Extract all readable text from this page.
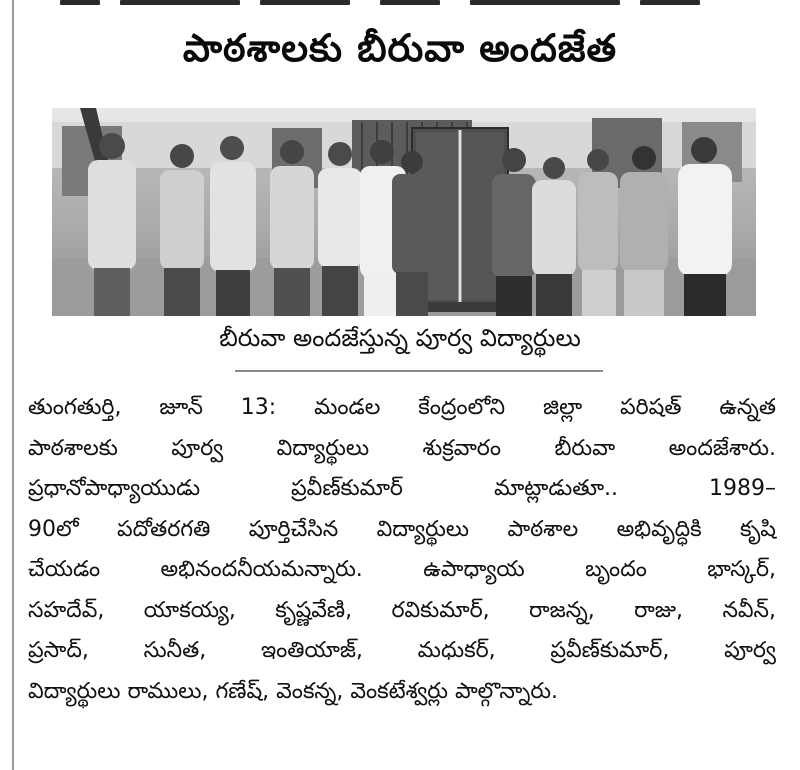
పాఠశాలకు బీరువా అందజేత
బీరువా అందజేస్తున్న పూర్వ విద్యార్థులు
తుంగతుర్తి, జూన్ 13: మండల కేంద్రంలోని జిల్లా పరిషత్ ఉన్నత
పాఠశాలకు పూర్వ విద్యార్థులు శుక్రవారం బీరువా అందజేశారు.
ప్రధానోపాధ్యాయుడు ప్రవీణ్‌కుమార్ మాట్లాడుతూ.. 1989–
90లో పదోతరగతి పూర్తిచేసిన విద్యార్థులు పాఠశాల అభివృద్ధికి కృషి
చేయడం అభినందనీయమన్నారు. ఉపాధ్యాయ బృందం భాస్కర్,
సహదేవ్, యాకయ్య, కృష్ణవేణి, రవికుమార్, రాజన్న, రాజు, నవీన్,
ప్రసాద్, సునీత, ఇంతియాజ్, మధుకర్, ప్రవీణ్‌కుమార్, పూర్వ
విద్యార్థులు రాములు, గణేష్, వెంకన్న, వెంకటేశ్వర్లు పాల్గొన్నారు.
